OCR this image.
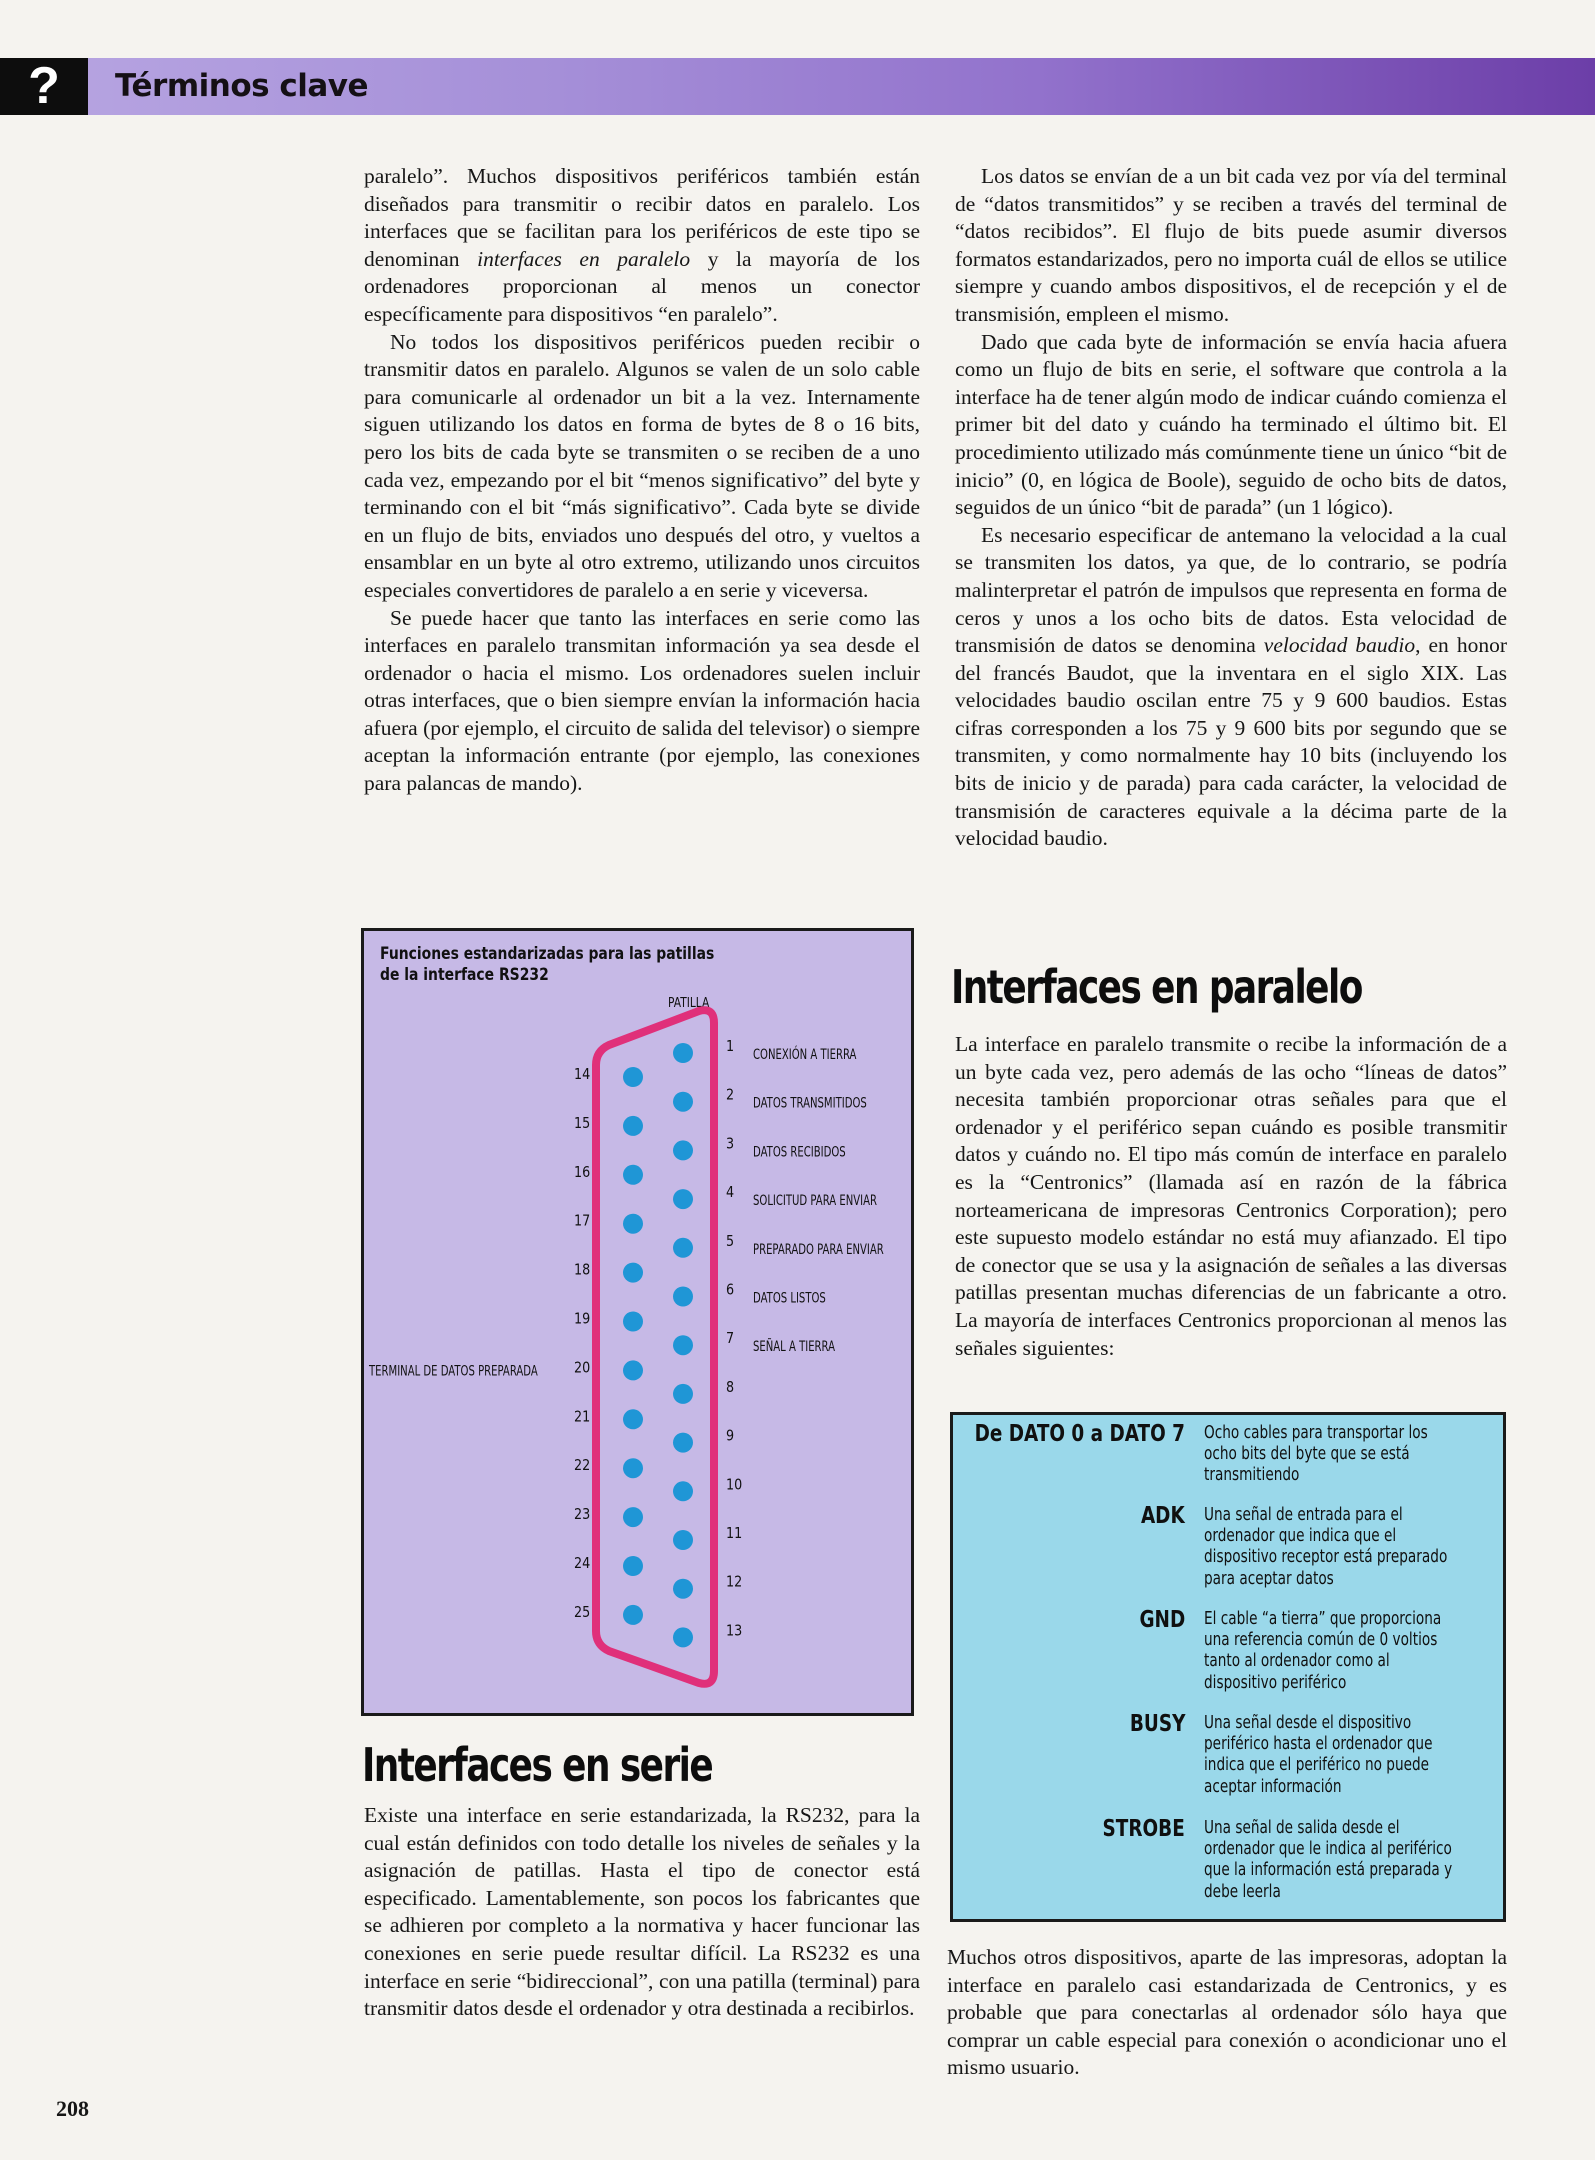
?	Términos clave

paralelo”. Muchos dispositivos periféricos también están diseñados para transmitir o recibir datos en paralelo. Los interfaces que se facilitan para los periféricos de este tipo se denominan interfaces en paralelo y la mayoría de los ordenadores proporcionan al menos un conector específicamente para dispositivos “en paralelo”.

No todos los dispositivos periféricos pueden recibir o transmitir datos en paralelo. Algunos se valen de un solo cable para comunicarle al ordenador un bit a la vez. Internamente siguen utilizando los datos en forma de bytes de 8 o 16 bits, pero los bits de cada byte se transmiten o se reciben de a uno cada vez, empezando por el bit “menos significativo” del byte y terminando con el bit “más significativo”. Cada byte se divide en un flujo de bits, enviados uno después del otro, y vueltos a ensamblar en un byte al otro extremo, utilizando unos circuitos especiales convertidores de paralelo a en serie y viceversa.

Se puede hacer que tanto las interfaces en serie como las interfaces en paralelo transmitan información ya sea desde el ordenador o hacia el mismo. Los ordenadores suelen incluir otras interfaces, que o bien siempre envían la información hacia afuera (por ejemplo, el circuito de salida del televisor) o siempre aceptan la información entrante (por ejemplo, las conexiones para palancas de mando).

Funciones estandarizadas para las patillas
de la interface RS232
PATILLA
1 CONEXIÓN A TIERRA
2 DATOS TRANSMITIDOS
3 DATOS RECIBIDOS
4 SOLICITUD PARA ENVIAR
5 PREPARADO PARA ENVIAR
6 DATOS LISTOS
7 SEÑAL A TIERRA
8
9
10
11
12
13
14
15
16
17
18
19
20
TERMINAL DE DATOS PREPARADA
21
22
23
24
25
Interfaces en serie

Existe una interface en serie estandarizada, la RS232, para la cual están definidos con todo detalle los niveles de señales y la asignación de patillas. Hasta el tipo de conector está especificado. Lamentablemente, son pocos los fabricantes que se adhieren por completo a la normativa y hacer funcionar las conexiones en serie puede resultar difícil. La RS232 es una interface en serie “bidireccional”, con una patilla (terminal) para transmitir datos desde el ordenador y otra destinada a recibirlos.

Los datos se envían de a un bit cada vez por vía del terminal de “datos transmitidos” y se reciben a través del terminal de “datos recibidos”. El flujo de bits puede asumir diversos formatos estandarizados, pero no importa cuál de ellos se utilice siempre y cuando ambos dispositivos, el de recepción y el de transmisión, empleen el mismo.

Dado que cada byte de información se envía hacia afuera como un flujo de bits en serie, el software que controla a la interface ha de tener algún modo de indicar cuándo comienza el primer bit del dato y cuándo ha terminado el último bit. El procedimiento utilizado más comúnmente tiene un único “bit de inicio” (0, en lógica de Boole), seguido de ocho bits de datos, seguidos de un único “bit de parada” (un 1 lógico).

Es necesario especificar de antemano la velocidad a la cual se transmiten los datos, ya que, de lo contrario, se podría malinterpretar el patrón de impulsos que representa en forma de ceros y unos a los ocho bits de datos. Esta velocidad de transmisión de datos se denomina velocidad baudio, en honor del francés Baudot, que la inventara en el siglo XIX. Las velocidades baudio oscilan entre 75 y 9 600 baudios. Estas cifras corresponden a los 75 y 9 600 bits por segundo que se transmiten, y como normalmente hay 10 bits (incluyendo los bits de inicio y de parada) para cada carácter, la velocidad de transmisión de caracteres equivale a la décima parte de la velocidad baudio.

Interfaces en paralelo

La interface en paralelo transmite o recibe la información de a un byte cada vez, pero además de las ocho “líneas de datos” necesita también proporcionar otras señales para que el ordenador y el periférico sepan cuándo es posible transmitir datos y cuándo no. El tipo más común de interface en paralelo es la “Centronics” (llamada así en razón de la fábrica norteamericana de impresoras Centronics Corporation); pero este supuesto modelo estándar no está muy afianzado. El tipo de conector que se usa y la asignación de señales a las diversas patillas presentan muchas diferencias de un fabricante a otro. La mayoría de interfaces Centronics proporcionan al menos las señales siguientes:

De DATO 0 a DATO 7 Ocho cables para transportar los ocho bits del byte que se está transmitiendo
ADK Una señal de entrada para el ordenador que indica que el dispositivo receptor está preparado para aceptar datos
GND El cable “a tierra” que proporciona una referencia común de 0 voltios tanto al ordenador como al dispositivo periférico
BUSY Una señal desde el dispositivo periférico hasta el ordenador que indica que el periférico no puede aceptar información
STROBE Una señal de salida desde el ordenador que le indica al periférico que la información está preparada y debe leerla

Muchos otros dispositivos, aparte de las impresoras, adoptan la interface en paralelo casi estandarizada de Centronics, y es probable que para conectarlas al ordenador sólo haya que comprar un cable especial para conexión o acondicionar uno el mismo usuario.

208
